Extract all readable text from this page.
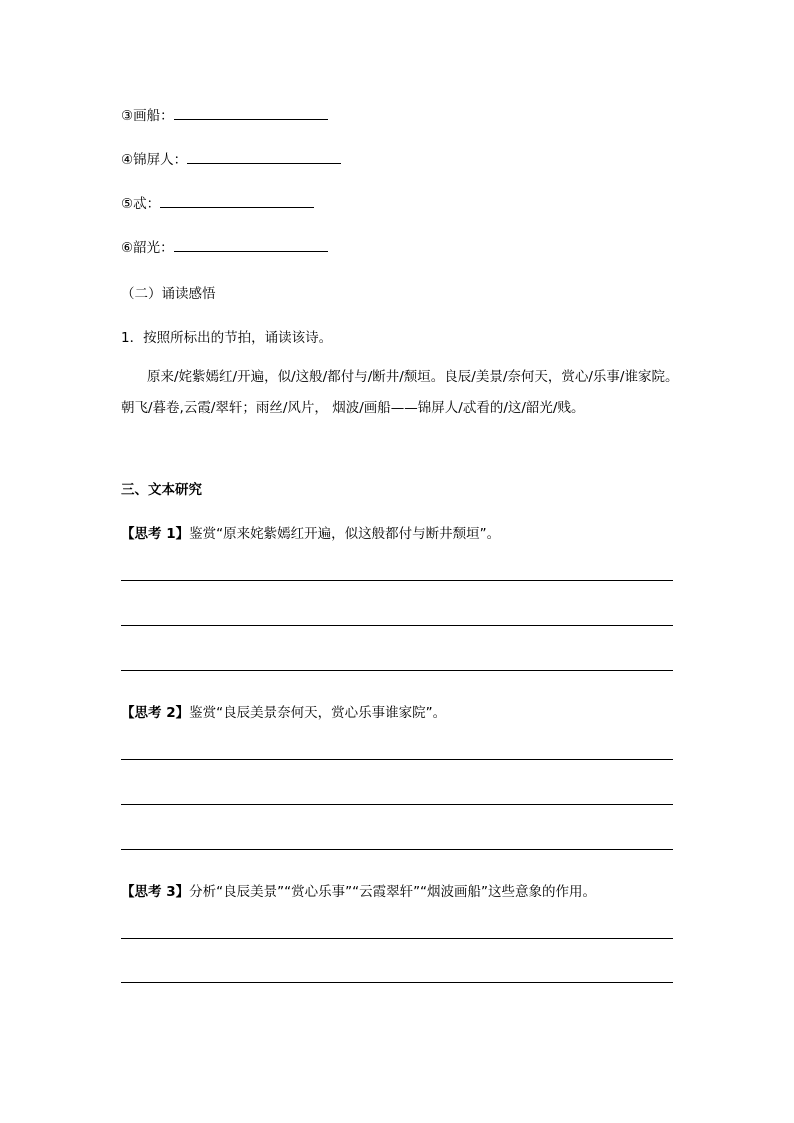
③画船：
④锦屏人：
⑤忒：
⑥韶光：
（二）诵读感悟
1．按照所标出的节拍，诵读该诗。
原来/姹紫嫣红/开遍，似/这般/都付与/断井/颓垣。良辰/美景/奈何天，赏心/乐事/谁家院。朝飞/暮卷,云霞/翠轩；雨丝/风片， 烟波/画船——锦屏人/忒看的/这/韶光/贱。
三、文本研究
【思考 1】鉴赏“原来姹紫嫣红开遍，似这般都付与断井颓垣”。
【思考 2】鉴赏“良辰美景奈何天，赏心乐事谁家院”。
【思考 3】分析“良辰美景”“赏心乐事”“云霞翠轩”“烟波画船”这些意象的作用。
